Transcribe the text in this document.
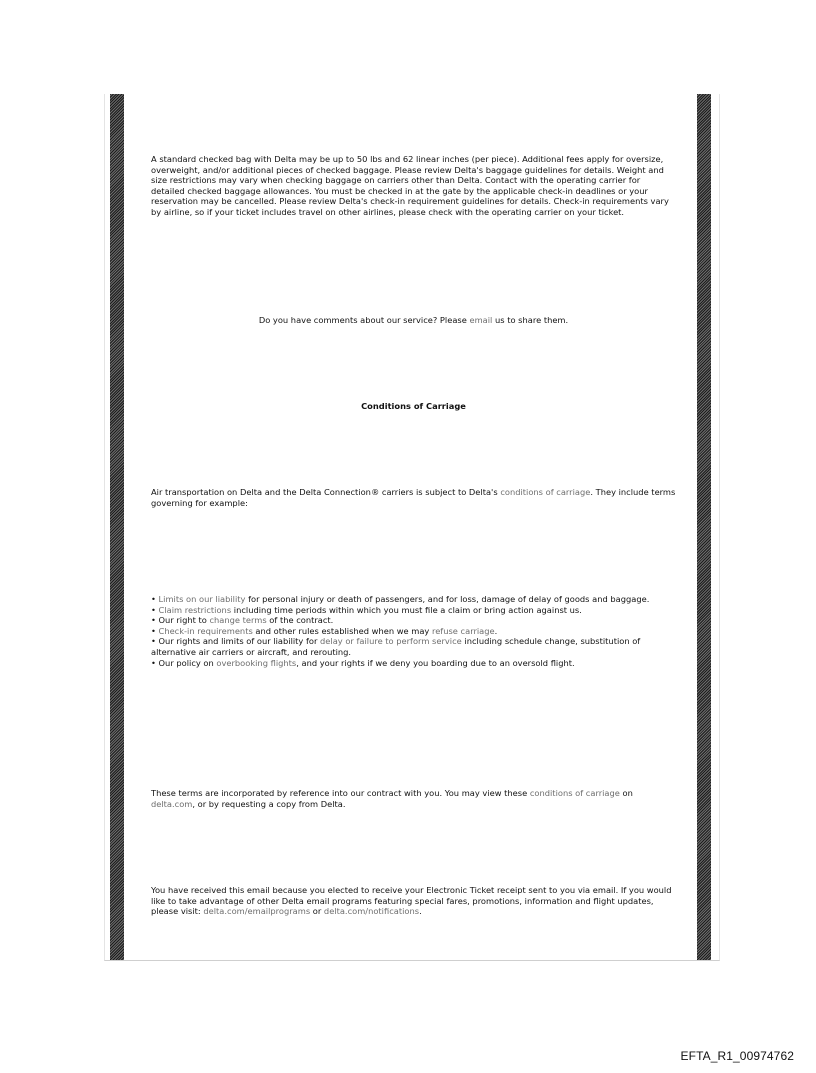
A standard checked bag with Delta may be up to 50 lbs and 62 linear inches (per piece). Additional fees apply for oversize, overweight, and/or additional pieces of checked baggage. Please review Delta's baggage guidelines for details. Weight and size restrictions may vary when checking baggage on carriers other than Delta. Contact with the operating carrier for detailed checked baggage allowances. You must be checked in at the gate by the applicable check-in deadlines or your reservation may be cancelled. Please review Delta's check-in requirement guidelines for details. Check-in requirements vary by airline, so if your ticket includes travel on other airlines, please check with the operating carrier on your ticket.

Do you have comments about our service? Please email us to share them.

Conditions of Carriage

Air transportation on Delta and the Delta Connection® carriers is subject to Delta's conditions of carriage. They include terms governing for example:

• Limits on our liability for personal injury or death of passengers, and for loss, damage of delay of goods and baggage.

• Claim restrictions including time periods within which you must file a claim or bring action against us.

• Our right to change terms of the contract.

• Check-in requirements and other rules established when we may refuse carriage.

• Our rights and limits of our liability for delay or failure to perform service including schedule change, substitution of alternative air carriers or aircraft, and rerouting.

• Our policy on overbooking flights, and your rights if we deny you boarding due to an oversold flight.

These terms are incorporated by reference into our contract with you. You may view these conditions of carriage on delta.com, or by requesting a copy from Delta.

You have received this email because you elected to receive your Electronic Ticket receipt sent to you via email. If you would like to take advantage of other Delta email programs featuring special fares, promotions, information and flight updates, please visit: delta.com/emailprograms or delta.com/notifications.

EFTA_R1_00974762
